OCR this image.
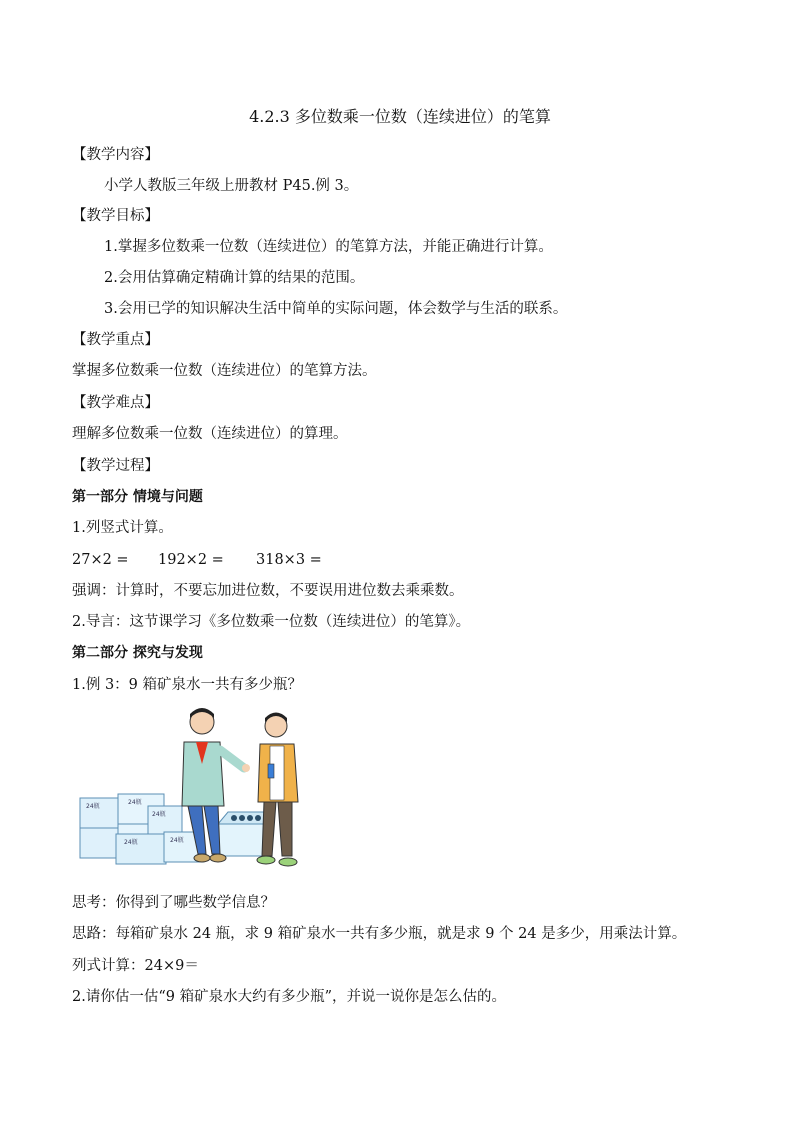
4.2.3 多位数乘一位数（连续进位）的笔算
【教学内容】
小学人教版三年级上册教材 P45.例 3。
【教学目标】
1.掌握多位数乘一位数（连续进位）的笔算方法，并能正确进行计算。
2.会用估算确定精确计算的结果的范围。
3.会用已学的知识解决生活中简单的实际问题，体会数学与生活的联系。
【教学重点】
掌握多位数乘一位数（连续进位）的笔算方法。
【教学难点】
理解多位数乘一位数（连续进位）的算理。
【教学过程】
第一部分 情境与问题
1.列竖式计算。
27×2 = 192×2 = 318×3 =
强调：计算时，不要忘加进位数，不要误用进位数去乘乘数。
2.导言：这节课学习《多位数乘一位数（连续进位）的笔算》。
第二部分 探究与发现
1.例 3：9 箱矿泉水一共有多少瓶？
24瓶
24瓶
24瓶
24瓶
24瓶
思考：你得到了哪些数学信息？
思路：每箱矿泉水 24 瓶，求 9 箱矿泉水一共有多少瓶，就是求 9 个 24 是多少，用乘法计算。
列式计算：24×9＝
2.请你估一估“9 箱矿泉水大约有多少瓶”，并说一说你是怎么估的。
